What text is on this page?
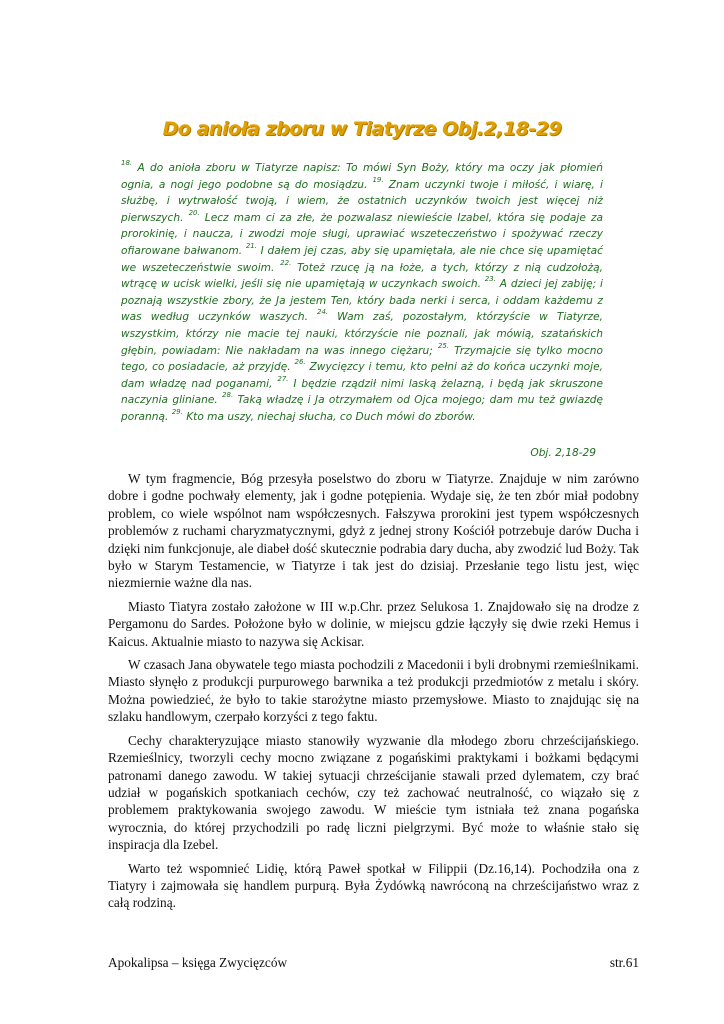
Do anioła zboru w Tiatyrze Obj.2,18-29
$^{18.}$ A do anioła zboru w Tiatyrze napisz: To mówi Syn Boży, który ma oczy jak płomień ognia, a nogi jego podobne są do mosiądzu. $^{19.}$ Znam uczynki twoje i miłość, i wiarę, i służbę, i wytrwałość twoją, i wiem, że ostatnich uczynków twoich jest więcej niż pierwszych. $^{20.}$ Lecz mam ci za złe, że pozwalasz niewieście Izabel, która się podaje za prorokinię, i naucza, i zwodzi moje sługi, uprawiać wszeteczeństwo i spożywać rzeczy ofiarowane bałwanom. $^{21.}$ I dałem jej czas, aby się upamiętała, ale nie chce się upamiętać we wszeteczeństwie swoim. $^{22.}$ Toteż rzucę ją na łoże, a tych, którzy z nią cudzołożą, wtrącę w ucisk wielki, jeśli się nie upamiętają w uczynkach swoich. $^{23.}$ A dzieci jej zabiję; i poznają wszystkie zbory, że Ja jestem Ten, który bada nerki i serca, i oddam każdemu z was według uczynków waszych. $^{24.}$ Wam zaś, pozostałym, którzyście w Tiatyrze, wszystkim, którzy nie macie tej nauki, którzyście nie poznali, jak mówią, szatańskich głębin, powiadam: Nie nakładam na was innego ciężaru; $^{25.}$ Trzymajcie się tylko mocno tego, co posiadacie, aż przyjdę. $^{26.}$ Zwycięzcy i temu, kto pełni aż do końca uczynki moje, dam władzę nad poganami, $^{27.}$ I będzie rządził nimi laską żelazną, i będą jak skruszone naczynia gliniane. $^{28.}$ Taką władzę i Ja otrzymałem od Ojca mojego; dam mu też gwiazdę poranną. $^{29.}$ Kto ma uszy, niechaj słucha, co Duch mówi do zborów.
Obj. 2,18-29

W tym fragmencie, Bóg przesyła poselstwo do zboru w Tiatyrze. Znajduje w nim zarówno dobre i godne pochwały elementy, jak i godne potępienia. Wydaje się, że ten zbór miał podobny problem, co wiele wspólnot nam współczesnych. Fałszywa prorokini jest typem współczesnych problemów z ruchami charyzmatycznymi, gdyż z jednej strony Kościół potrzebuje darów Ducha i dzięki nim funkcjonuje, ale diabeł dość skutecznie podrabia dary ducha, aby zwodzić lud Boży. Tak było w Starym Testamencie, w Tiatyrze i tak jest do dzisiaj. Przesłanie tego listu jest, więc niezmiernie ważne dla nas.

Miasto Tiatyra zostało założone w III w.p.Chr. przez Selukosa 1. Znajdowało się na drodze z Pergamonu do Sardes. Położone było w dolinie, w miejscu gdzie łączyły się dwie rzeki Hemus i Kaicus. Aktualnie miasto to nazywa się Ackisar.

W czasach Jana obywatele tego miasta pochodzili z Macedonii i byli drobnymi rzemieślnikami. Miasto słynęło z produkcji purpurowego barwnika a też produkcji przedmiotów z metalu i skóry. Można powiedzieć, że było to takie starożytne miasto przemysłowe. Miasto to znajdując się na szlaku handlowym, czerpało korzyści z tego faktu.

Cechy charakteryzujące miasto stanowiły wyzwanie dla młodego zboru chrześcijańskiego. Rzemieślnicy, tworzyli cechy mocno związane z pogańskimi praktykami i bożkami będącymi patronami danego zawodu. W takiej sytuacji chrześcijanie stawali przed dylematem, czy brać udział w pogańskich spotkaniach cechów, czy też zachować neutralność, co wiązało się z problemem praktykowania swojego zawodu. W mieście tym istniała też znana pogańska wyrocznia, do której przychodzili po radę liczni pielgrzymi. Być może to właśnie stało się inspiracja dla Izebel.

Warto też wspomnieć Lidię, którą Paweł spotkał w Filippii (Dz.16,14). Pochodziła ona z Tiatyry i zajmowała się handlem purpurą. Była Żydówką nawróconą na chrześcijaństwo wraz z całą rodziną.

Apokalipsa – księga Zwycięzców	str.61
